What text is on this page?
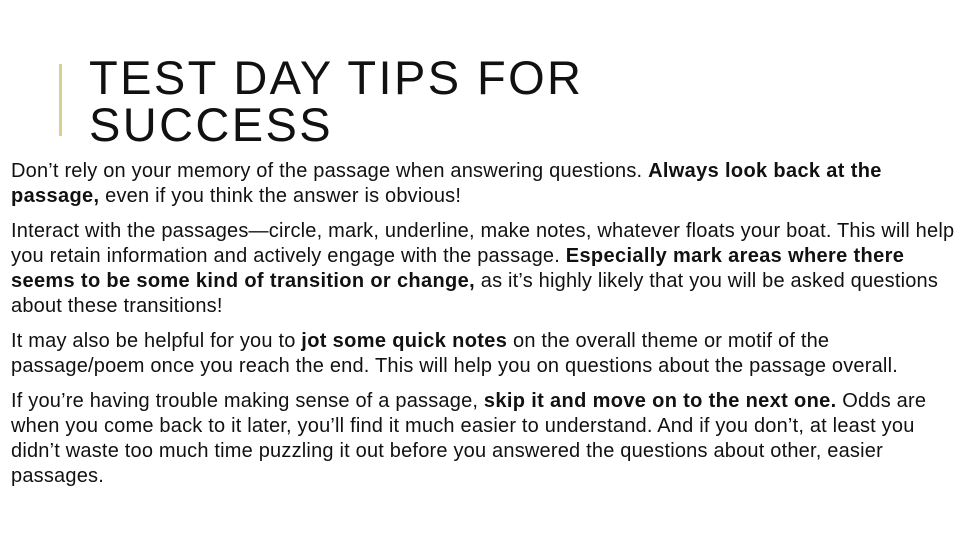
TEST DAY TIPS FOR
SUCCESS

Don’t rely on your memory of the passage when answering questions. Always look back at the passage, even if you think the answer is obvious!

Interact with the passages—circle, mark, underline, make notes, whatever floats your boat. This will help you retain information and actively engage with the passage. Especially mark areas where there seems to be some kind of transition or change, as it’s highly likely that you will be asked questions about these transitions!

It may also be helpful for you to jot some quick notes on the overall theme or motif of the passage/poem once you reach the end. This will help you on questions about the passage overall.

If you’re having trouble making sense of a passage, skip it and move on to the next one. Odds are when you come back to it later, you’ll find it much easier to understand. And if you don’t, at least you didn’t waste too much time puzzling it out before you answered the questions about other, easier passages.
